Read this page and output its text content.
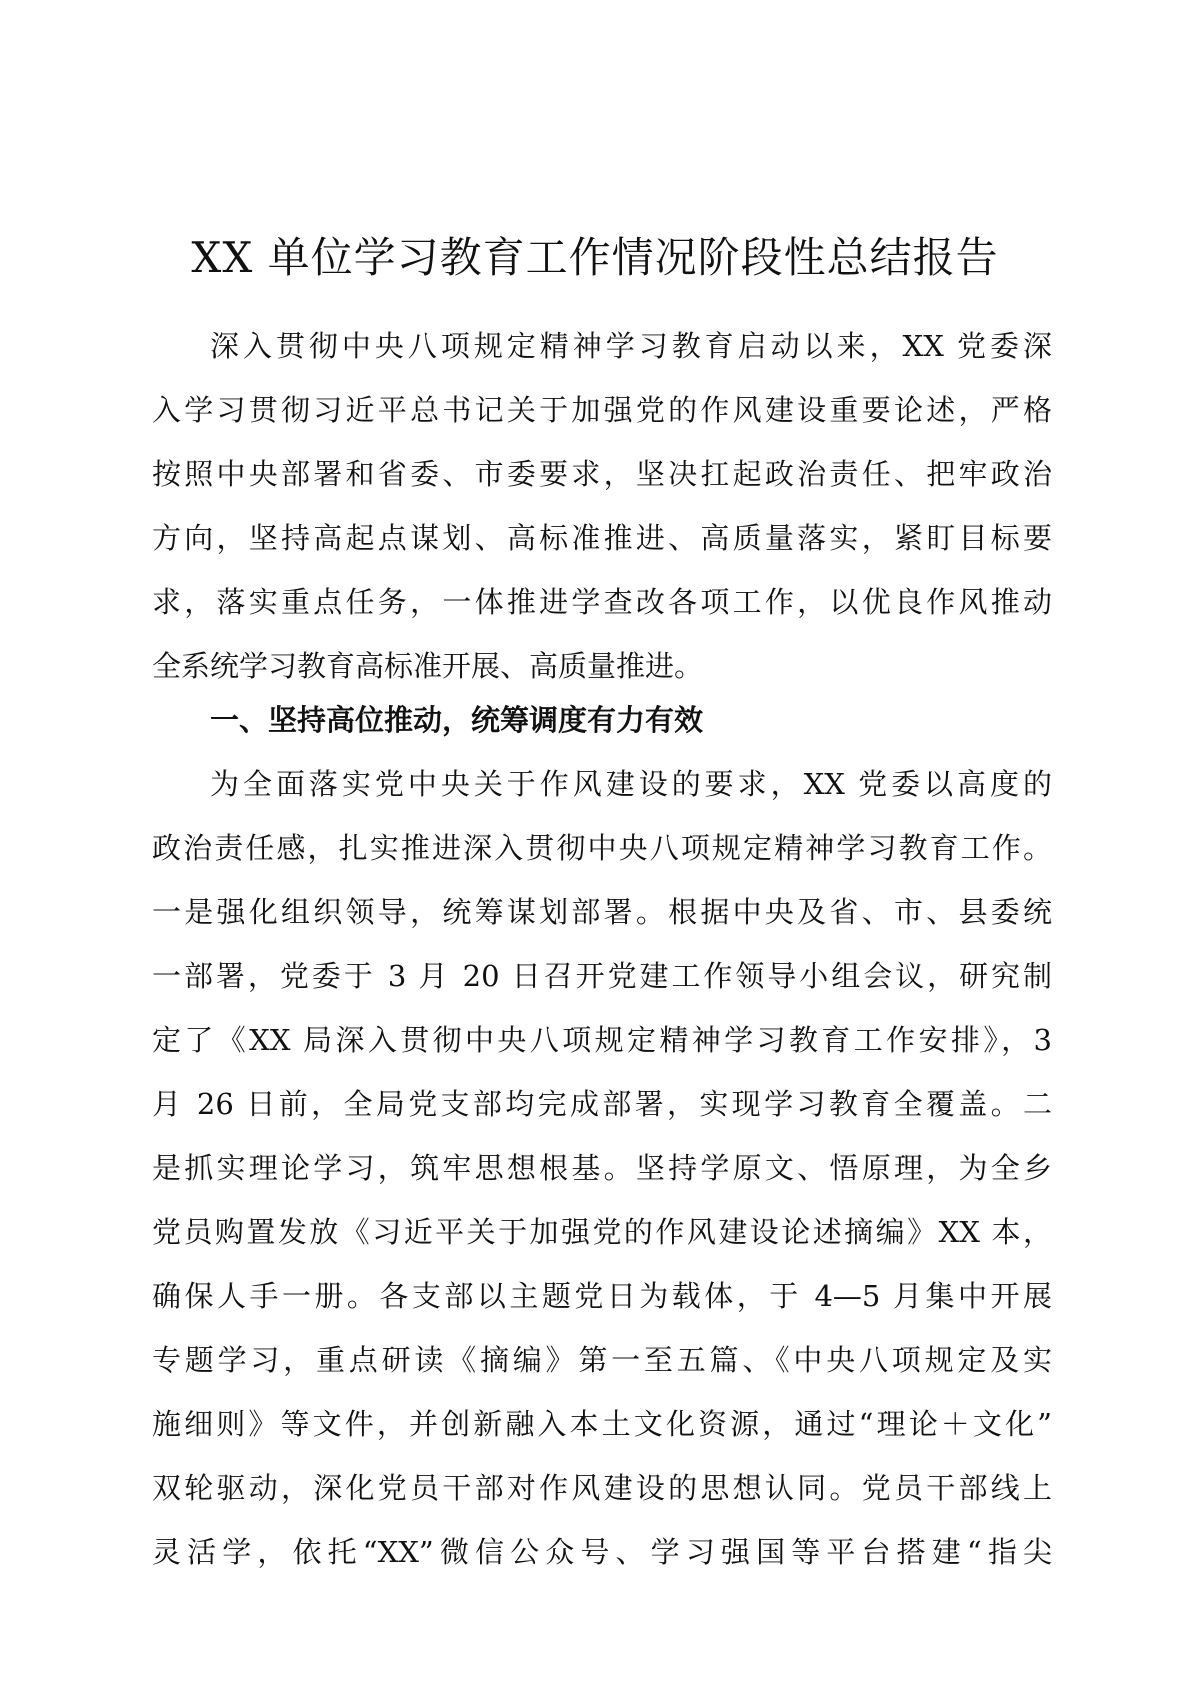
XX 单位学习教育工作情况阶段性总结报告
深入贯彻中央八项规定精神学习教育启动以来，XX 党委深
入学习贯彻习近平总书记关于加强党的作风建设重要论述，严格
按照中央部署和省委、市委要求，坚决扛起政治责任、把牢政治
方向，坚持高起点谋划、高标准推进、高质量落实，紧盯目标要
求，落实重点任务，一体推进学查改各项工作，以优良作风推动
全系统学习教育高标准开展、高质量推进。
一、坚持高位推动，统筹调度有力有效
为全面落实党中央关于作风建设的要求，XX 党委以高度的
政治责任感，扎实推进深入贯彻中央八项规定精神学习教育工作。
一是强化组织领导，统筹谋划部署。根据中央及省、市、县委统
一部署，党委于 3 月 20 日召开党建工作领导小组会议，研究制
定了《XX 局深入贯彻中央八项规定精神学习教育工作安排》，3
月 26 日前，全局党支部均完成部署，实现学习教育全覆盖。二
是抓实理论学习，筑牢思想根基。坚持学原文、悟原理，为全乡
党员购置发放《习近平关于加强党的作风建设论述摘编》XX 本，
确保人手一册。各支部以主题党日为载体，于 4—5 月集中开展
专题学习，重点研读《摘编》第一至五篇、《中央八项规定及实
施细则》等文件，并创新融入本土文化资源，通过“理论＋文化”
双轮驱动，深化党员干部对作风建设的思想认同。党员干部线上
灵活学，依托“XX”微信公众号、学习强国等平台搭建“指尖
